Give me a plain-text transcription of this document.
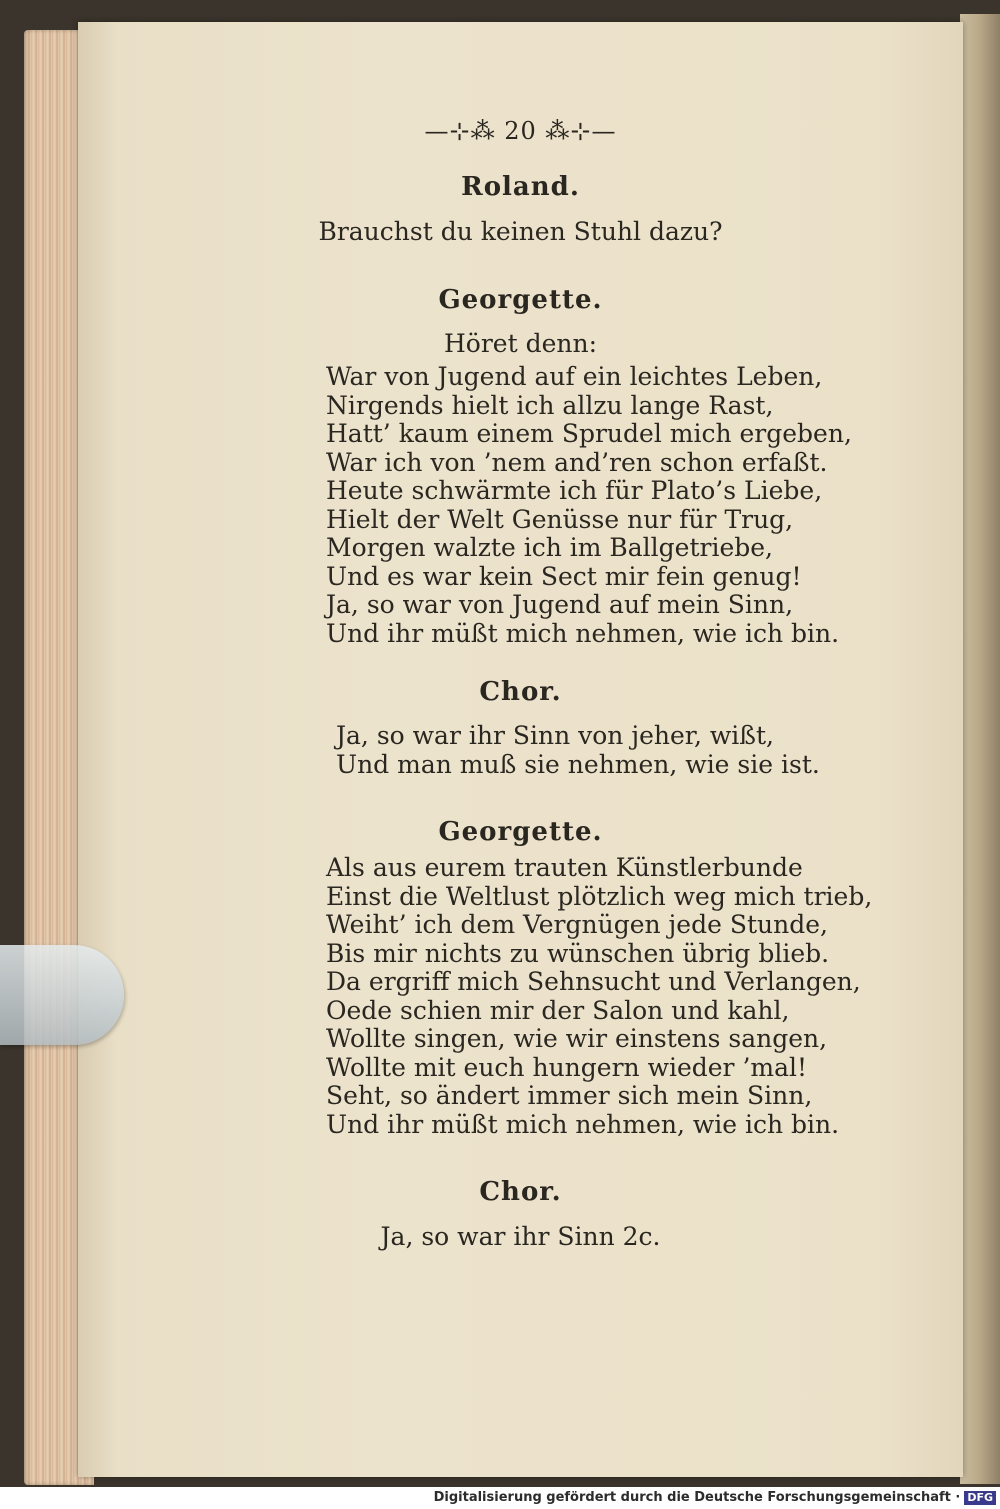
—⊹⁂ 20 ⁂⊹—
Roland.
Brauchst du keinen Stuhl dazu?
Georgette.
Höret denn:
War von Jugend auf ein leichtes Leben,
Nirgends hielt ich allzu lange Rast,
Hatt’ kaum einem Sprudel mich ergeben,
War ich von ’nem and’ren schon erfaßt.
Heute schwärmte ich für Plato’s Liebe,
Hielt der Welt Genüsse nur für Trug,
Morgen walzte ich im Ballgetriebe,
Und es war kein Sect mir fein genug!
Ja, so war von Jugend auf mein Sinn,
Und ihr müßt mich nehmen, wie ich bin.
Chor.
Ja, so war ihr Sinn von jeher, wißt,
Und man muß sie nehmen, wie sie ist.
Georgette.
Als aus eurem trauten Künstlerbunde
Einst die Weltlust plötzlich weg mich trieb,
Weiht’ ich dem Vergnügen jede Stunde,
Bis mir nichts zu wünschen übrig blieb.
Da ergriff mich Sehnsucht und Verlangen,
Oede schien mir der Salon und kahl,
Wollte singen, wie wir einstens sangen,
Wollte mit euch hungern wieder ’mal!
Seht, so ändert immer sich mein Sinn,
Und ihr müßt mich nehmen, wie ich bin.
Chor.
Ja, so war ihr Sinn 2c.
Digitalisierung gefördert durch die Deutsche Forschungsgemeinschaft · DFG
